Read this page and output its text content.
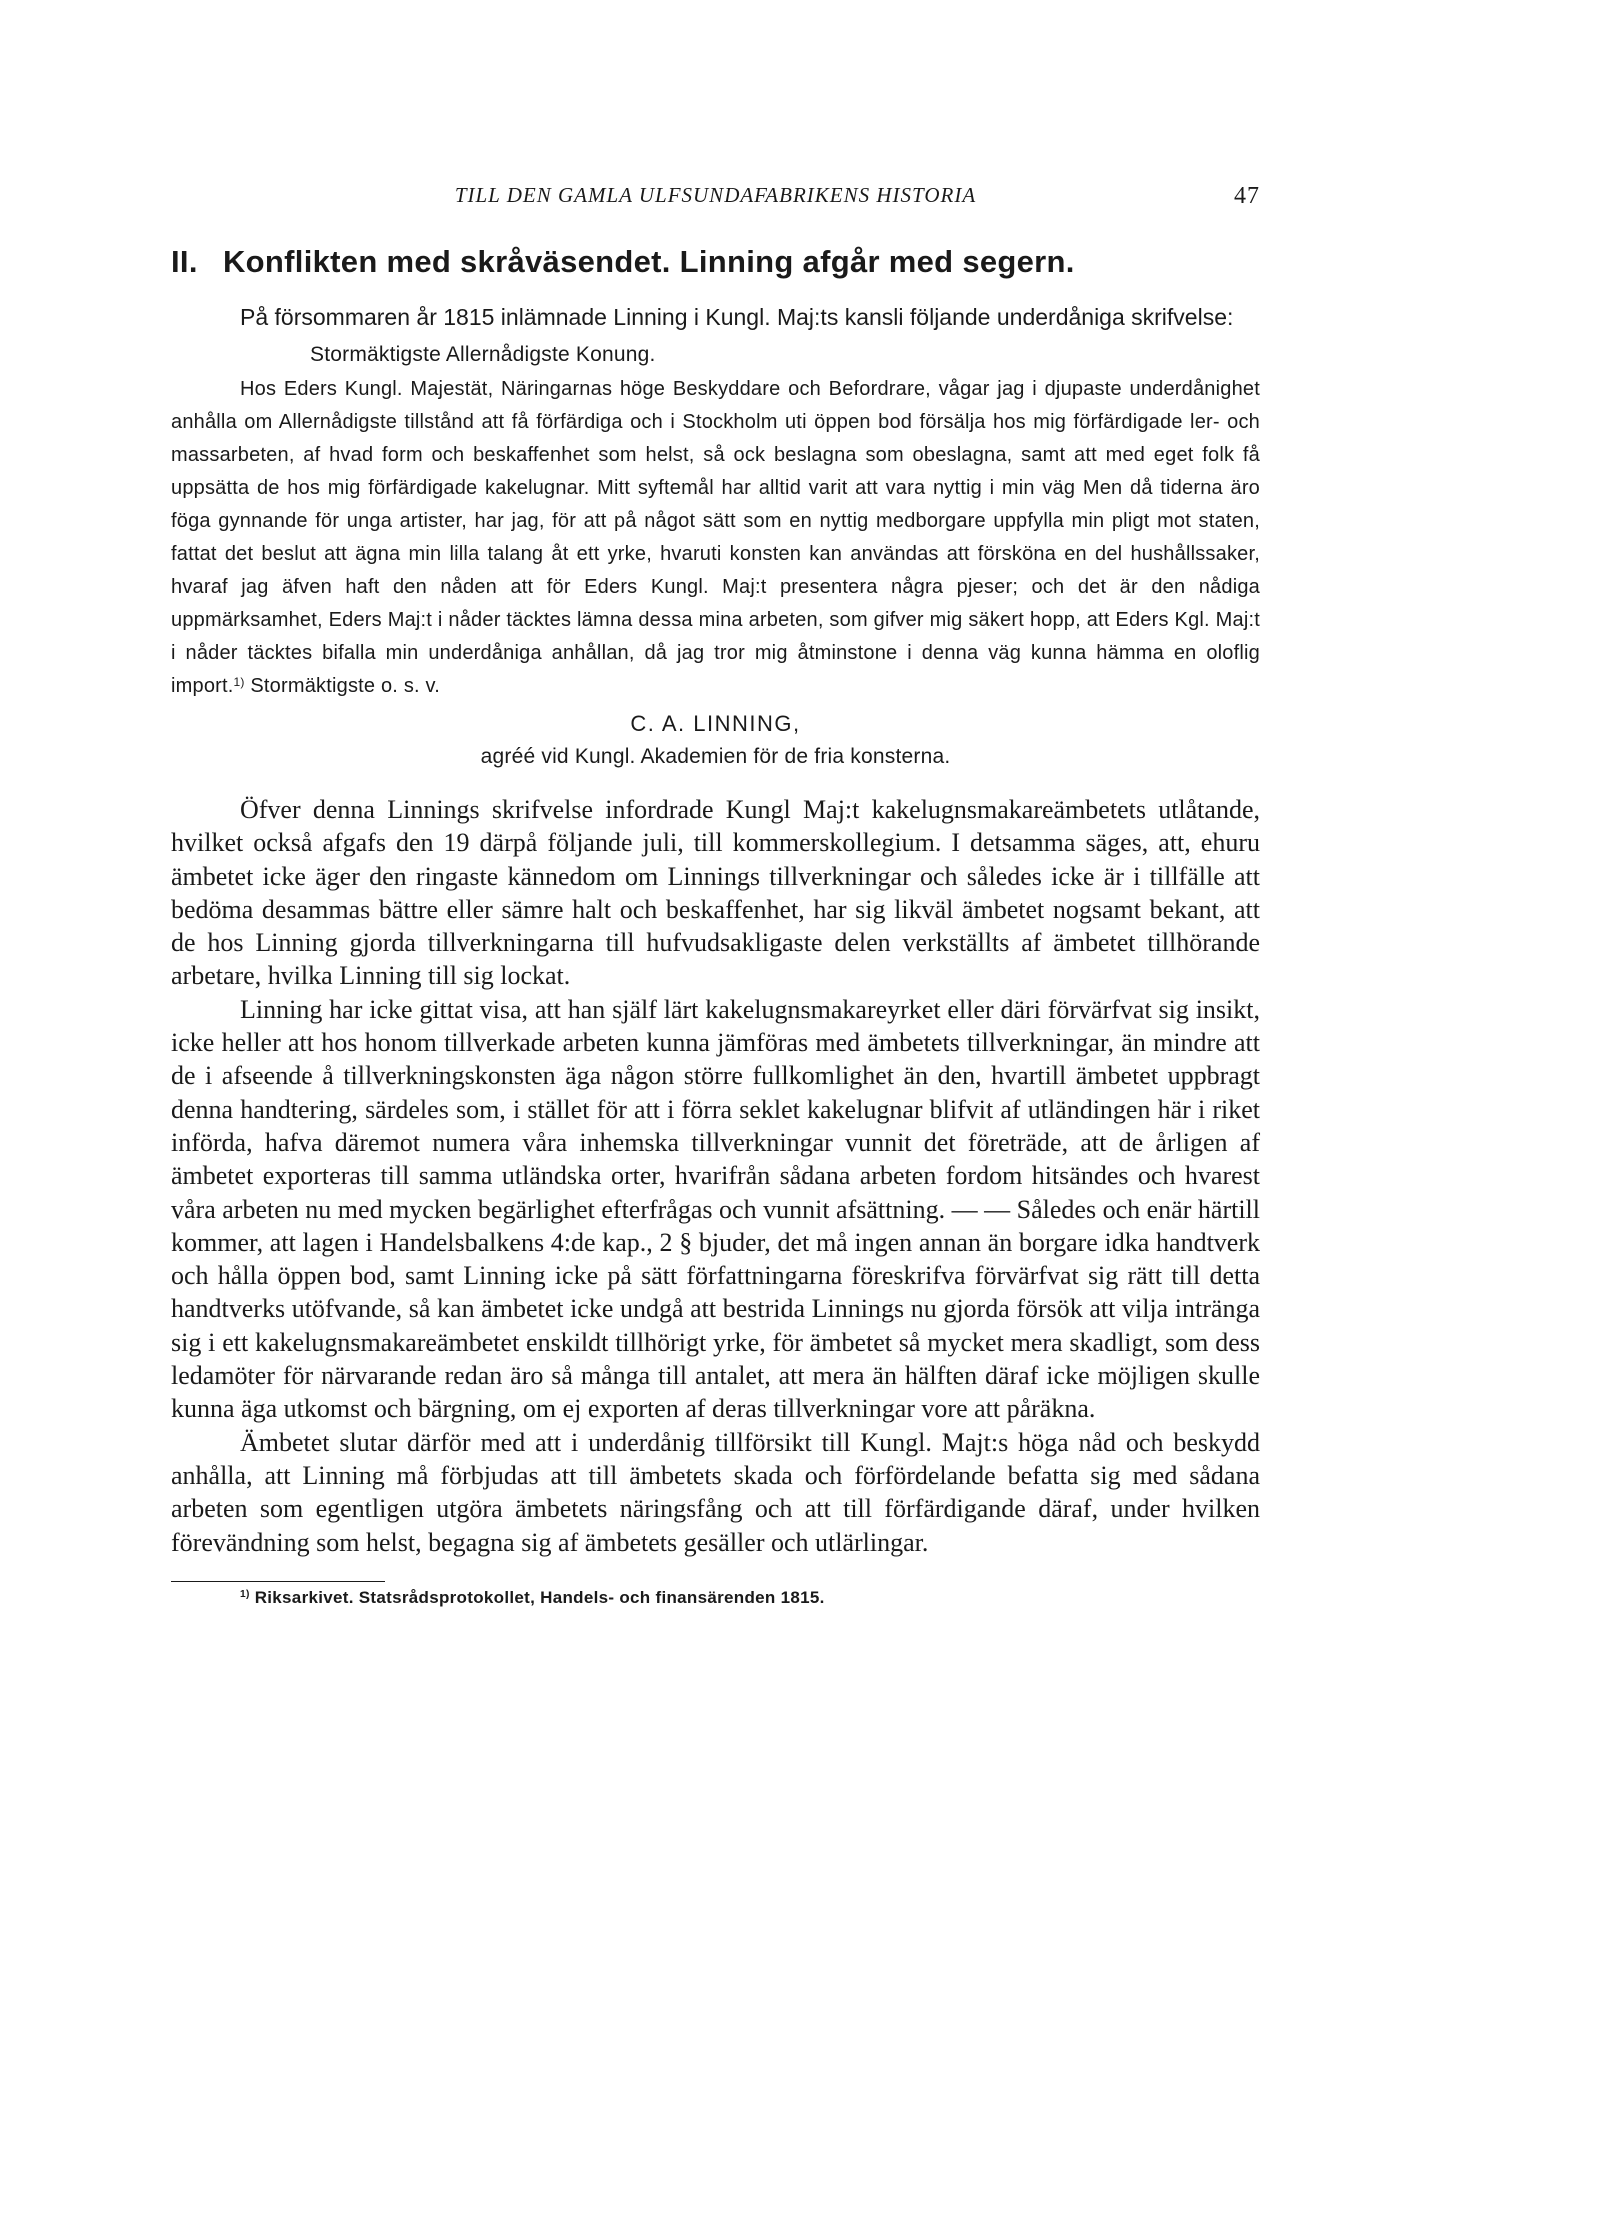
TILL DEN GAMLA ULFSUNDAFABRIKENS HISTORIA	47
II. Konflikten med skråväsendet. Linning afgår med segern.

På försommaren år 1815 inlämnade Linning i Kungl. Maj:ts kansli följande underdåniga skrifvelse:

Stormäktigste Allernådigste Konung.

Hos Eders Kungl. Majestät, Näringarnas höge Beskyddare och Befordrare, vågar jag i djupaste underdånighet anhålla om Allernådigste tillstånd att få förfärdiga och i Stockholm uti öppen bod försälja hos mig förfärdigade ler- och massarbeten, af hvad form och beskaffenhet som helst, så ock beslagna som obeslagna, samt att med eget folk få uppsätta de hos mig förfärdigade kakelugnar. Mitt syftemål har alltid varit att vara nyttig i min väg Men då tiderna äro föga gynnande för unga artister, har jag, för att på något sätt som en nyttig medborgare uppfylla min pligt mot staten, fattat det beslut att ägna min lilla talang åt ett yrke, hvaruti konsten kan användas att försköna en del hushållssaker, hvaraf jag äfven haft den nåden att för Eders Kungl. Maj:t presentera några pjeser; och det är den nådiga uppmärksamhet, Eders Maj:t i nåder täcktes lämna dessa mina arbeten, som gifver mig säkert hopp, att Eders Kgl. Maj:t i nåder täcktes bifalla min underdåniga anhållan, då jag tror mig åtminstone i denna väg kunna hämma en oloflig import.$^{1)}$ Stormäktigste o. s. v.

C. A. LINNING,
agréé vid Kungl. Akademien för de fria konsterna.

Öfver denna Linnings skrifvelse infordrade Kungl Maj:t kakelugnsmakareämbetets utlåtande, hvilket också afgafs den 19 därpå följande juli, till kommerskollegium. I detsamma säges, att, ehuru ämbetet icke äger den ringaste kännedom om Linnings tillverkningar och således icke är i tillfälle att bedöma desammas bättre eller sämre halt och beskaffenhet, har sig likväl ämbetet nogsamt bekant, att de hos Linning gjorda tillverkningarna till hufvudsakligaste delen verkställts af ämbetet tillhörande arbetare, hvilka Linning till sig lockat.

Linning har icke gittat visa, att han själf lärt kakelugnsmakareyrket eller däri förvärfvat sig insikt, icke heller att hos honom tillverkade arbeten kunna jämföras med ämbetets tillverkningar, än mindre att de i afseende å tillverkningskonsten äga någon större fullkomlighet än den, hvartill ämbetet uppbragt denna handtering, särdeles som, i stället för att i förra seklet kakelugnar blifvit af utländingen här i riket införda, hafva däremot numera våra inhemska tillverkningar vunnit det företräde, att de årligen af ämbetet exporteras till samma utländska orter, hvarifrån sådana arbeten fordom hitsändes och hvarest våra arbeten nu med mycken begärlighet efterfrågas och vunnit afsättning. — — Således och enär härtill kommer, att lagen i Handelsbalkens 4:de kap., 2 § bjuder, det må ingen annan än borgare idka handtverk och hålla öppen bod, samt Linning icke på sätt författningarna föreskrifva förvärfvat sig rätt till detta handtverks utöfvande, så kan ämbetet icke undgå att bestrida Linnings nu gjorda försök att vilja inträngа sig i ett kakelugnsmakareämbetet enskildt tillhörigt yrke, för ämbetet så mycket mera skadligt, som dess ledamöter för närvarande redan äro så många till antalet, att mera än hälften däraf icke möjligen skulle kunna äga utkomst och bärgning, om ej exporten af deras tillverkningar vore att påräkna.

Ämbetet slutar därför med att i underdånig tillförsikt till Kungl. Majt:s höga nåd och beskydd anhålla, att Linning må förbjudas att till ämbetets skada och förfördelande befatta sig med sådana arbeten som egentligen utgöra ämbetets näringsfång och att till förfärdigande däraf, under hvilken förevändning som helst, begagna sig af ämbetets gesäller och utlärlingar.

$^{1)}$ Riksarkivet. Statsrådsprotokollet, Handels- och finansärenden 1815.
